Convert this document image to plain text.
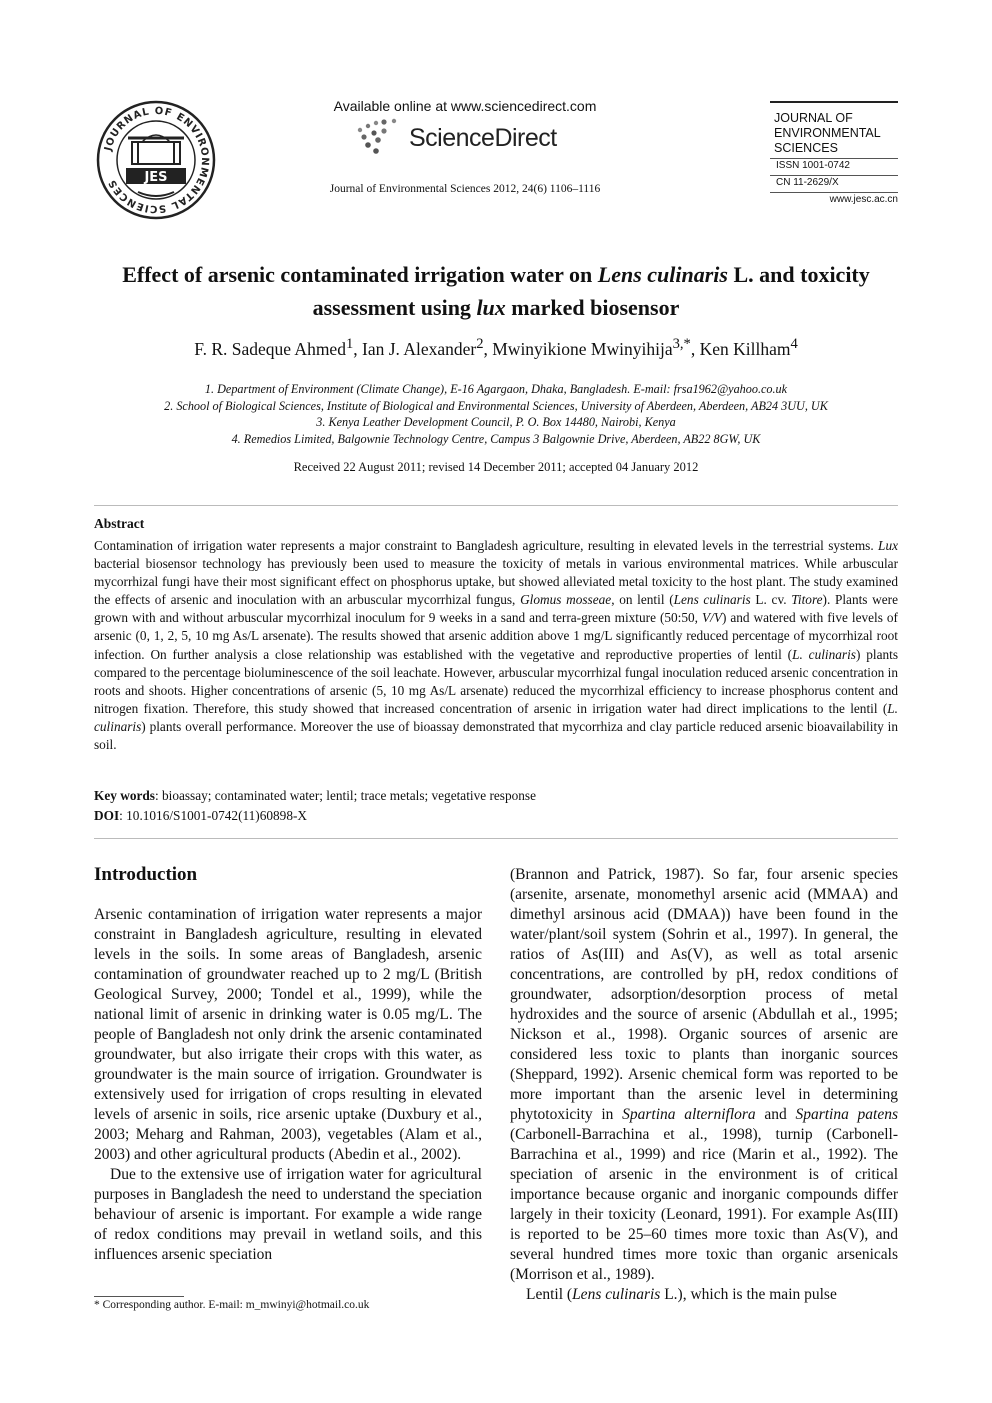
JOURNAL OF ENVIRONMENTAL SCIENCES	JES
Available online at www.sciencedirect.com
ScienceDirect
Journal of Environmental Sciences 2012, 24(6) 1106–1116
JOURNAL OF
ENVIRONMENTAL
SCIENCES
ISSN 1001-0742
CN 11-2629/X
www.jesc.ac.cn
Effect of arsenic contaminated irrigation water on Lens culinaris L. and toxicity assessment using lux marked biosensor
F. R. Sadeque Ahmed$^1$, Ian J. Alexander$^2$, Mwinyikione Mwinyihija$^{3,*}$, Ken Killham$^4$
1. Department of Environment (Climate Change), E-16 Agargaon, Dhaka, Bangladesh. E-mail: frsa1962@yahoo.co.uk
2. School of Biological Sciences, Institute of Biological and Environmental Sciences, University of Aberdeen, Aberdeen, AB24 3UU, UK
3. Kenya Leather Development Council, P. O. Box 14480, Nairobi, Kenya
4. Remedios Limited, Balgownie Technology Centre, Campus 3 Balgownie Drive, Aberdeen, AB22 8GW, UK
Received 22 August 2011; revised 14 December 2011; accepted 04 January 2012
Abstract
Contamination of irrigation water represents a major constraint to Bangladesh agriculture, resulting in elevated levels in the terrestrial systems. Lux bacterial biosensor technology has previously been used to measure the toxicity of metals in various environmental matrices. While arbuscular mycorrhizal fungi have their most significant effect on phosphorus uptake, but showed alleviated metal toxicity to the host plant. The study examined the effects of arsenic and inoculation with an arbuscular mycorrhizal fungus, Glomus mosseae, on lentil (Lens culinaris L. cv. Titore). Plants were grown with and without arbuscular mycorrhizal inoculum for 9 weeks in a sand and terra-green mixture (50:50, V/V) and watered with five levels of arsenic (0, 1, 2, 5, 10 mg As/L arsenate). The results showed that arsenic addition above 1 mg/L significantly reduced percentage of mycorrhizal root infection. On further analysis a close relationship was established with the vegetative and reproductive properties of lentil (L. culinaris) plants compared to the percentage bioluminescence of the soil leachate. However, arbuscular mycorrhizal fungal inoculation reduced arsenic concentration in roots and shoots. Higher concentrations of arsenic (5, 10 mg As/L arsenate) reduced the mycorrhizal efficiency to increase phosphorus content and nitrogen fixation. Therefore, this study showed that increased concentration of arsenic in irrigation water had direct implications to the lentil (L. culinaris) plants overall performance. Moreover the use of bioassay demonstrated that mycorrhiza and clay particle reduced arsenic bioavailability in soil.
Key words: bioassay; contaminated water; lentil; trace metals; vegetative response
DOI: 10.1016/S1001-0742(11)60898-X
Introduction

Arsenic contamination of irrigation water represents a major constraint in Bangladesh agriculture, resulting in elevated levels in the soils. In some areas of Bangladesh, arsenic contamination of groundwater reached up to 2 mg/L (British Geological Survey, 2000; Tondel et al., 1999), while the national limit of arsenic in drinking water is 0.05 mg/L. The people of Bangladesh not only drink the arsenic contaminated groundwater, but also irrigate their crops with this water, as groundwater is the main source of irrigation. Groundwater is extensively used for irrigation of crops resulting in elevated levels of arsenic in soils, rice arsenic uptake (Duxbury et al., 2003; Meharg and Rahman, 2003), vegetables (Alam et al., 2003) and other agricultural products (Abedin et al., 2002).

Due to the extensive use of irrigation water for agricultural purposes in Bangladesh the need to understand the speciation behaviour of arsenic is important. For example a wide range of redox conditions may prevail in wetland soils, and this influences arsenic speciation

(Brannon and Patrick, 1987). So far, four arsenic species (arsenite, arsenate, monomethyl arsenic acid (MMAA) and dimethyl arsinous acid (DMAA)) have been found in the water/plant/soil system (Sohrin et al., 1997). In general, the ratios of As(III) and As(V), as well as total arsenic concentrations, are controlled by pH, redox conditions of groundwater, adsorption/desorption process of metal hydroxides and the source of arsenic (Abdullah et al., 1995; Nickson et al., 1998). Organic sources of arsenic are considered less toxic to plants than inorganic sources (Sheppard, 1992). Arsenic chemical form was reported to be more important than the arsenic level in determining phytotoxicity in Spartina alterniflora and Spartina patens (Carbonell-Barrachina et al., 1998), turnip (Carbonell-Barrachina et al., 1999) and rice (Marin et al., 1992). The speciation of arsenic in the environment is of critical importance because organic and inorganic compounds differ largely in their toxicity (Leonard, 1991). For example As(III) is reported to be 25–60 times more toxic than As(V), and several hundred times more toxic than organic arsenicals (Morrison et al., 1989).

Lentil (Lens culinaris L.), which is the main pulse

* Corresponding author. E-mail: m_mwinyi@hotmail.co.uk
